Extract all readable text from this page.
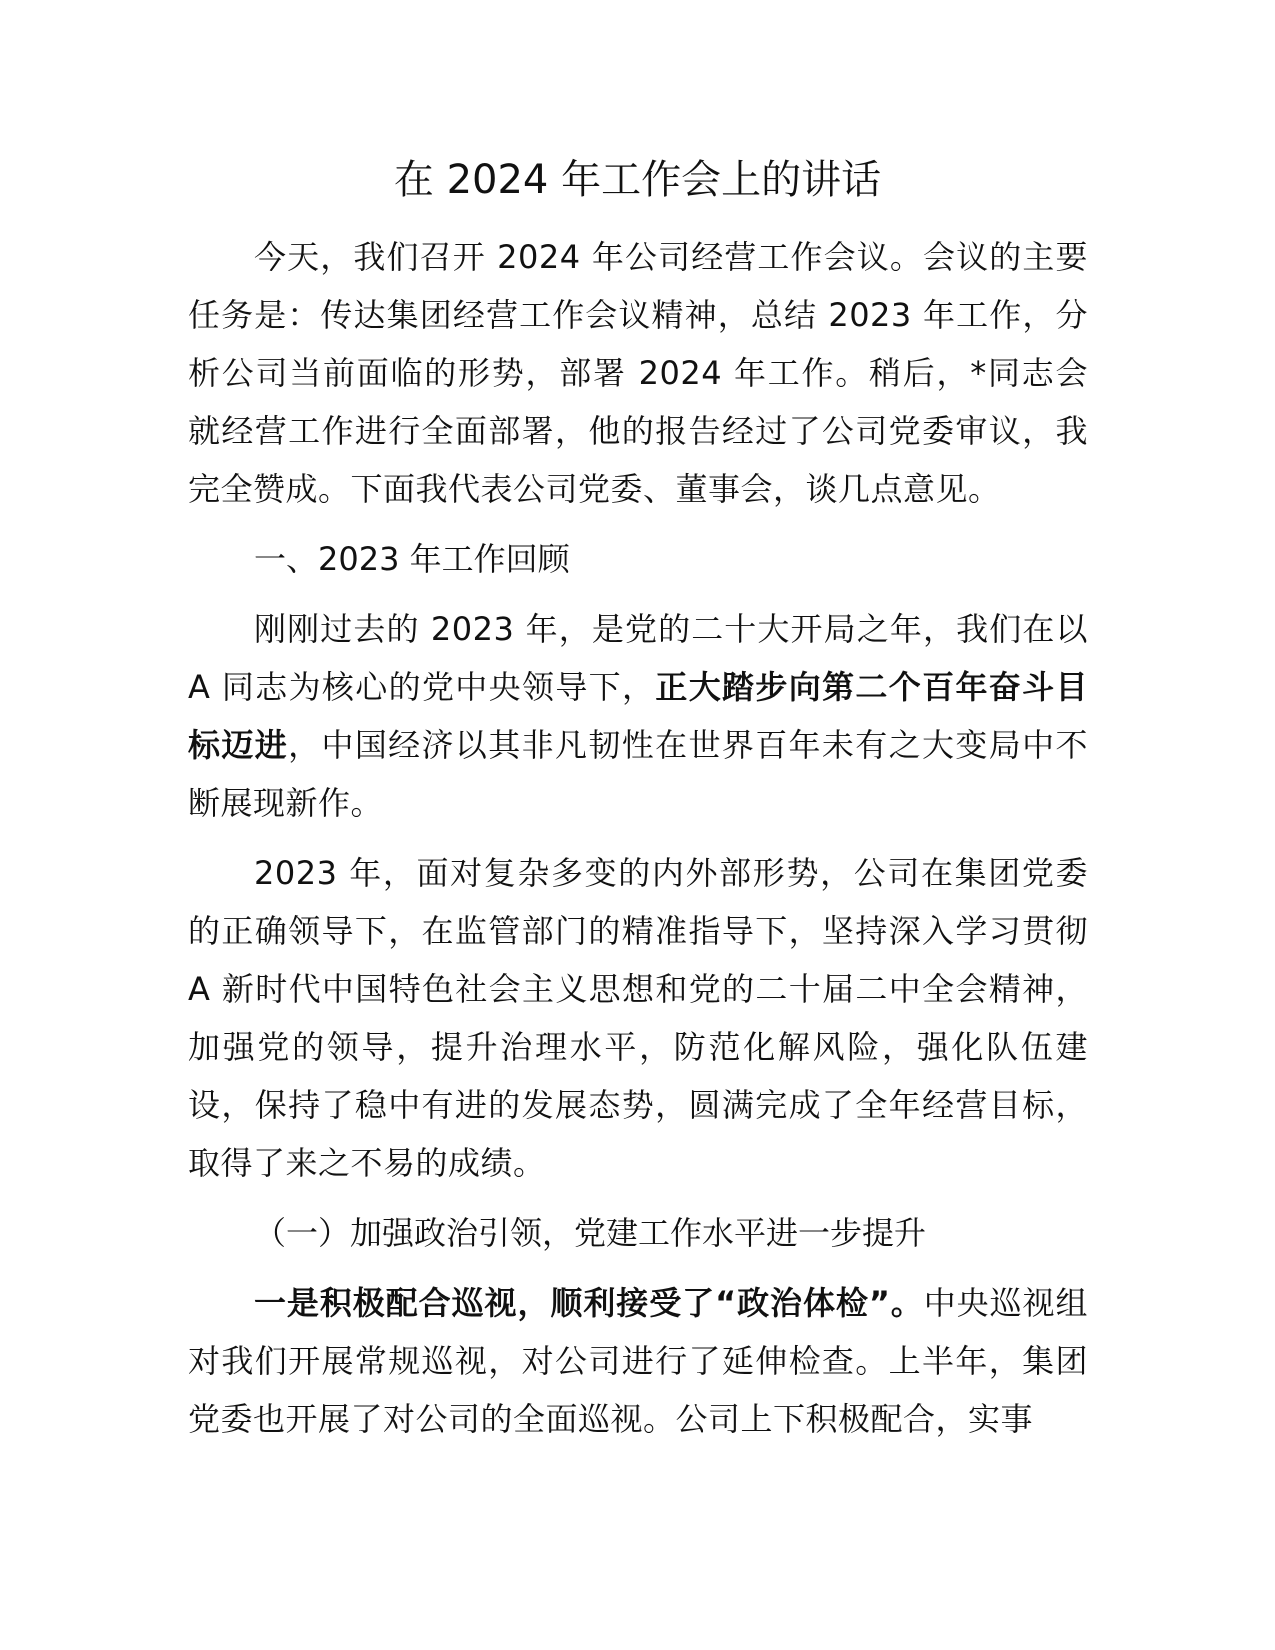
在 2024 年工作会上的讲话

今天，我们召开 2024 年公司经营工作会议。会议的主要任务是：传达集团经营工作会议精神，总结 2023 年工作，分析公司当前面临的形势，部署 2024 年工作。稍后，*同志会就经营工作进行全面部署，他的报告经过了公司党委审议，我完全赞成。下面我代表公司党委、董事会，谈几点意见。

一、2023 年工作回顾

刚刚过去的 2023 年，是党的二十大开局之年，我们在以 A 同志为核心的党中央领导下，正大踏步向第二个百年奋斗目标迈进，中国经济以其非凡韧性在世界百年未有之大变局中不断展现新作。

2023 年，面对复杂多变的内外部形势，公司在集团党委的正确领导下，在监管部门的精准指导下，坚持深入学习贯彻 A 新时代中国特色社会主义思想和党的二十届二中全会精神，加强党的领导，提升治理水平，防范化解风险，强化队伍建设，保持了稳中有进的发展态势，圆满完成了全年经营目标，取得了来之不易的成绩。

（一）加强政治引领，党建工作水平进一步提升

一是积极配合巡视，顺利接受了“政治体检”。中央巡视组对我们开展常规巡视，对公司进行了延伸检查。上半年，集团党委也开展了对公司的全面巡视。公司上下积极配合，实事
